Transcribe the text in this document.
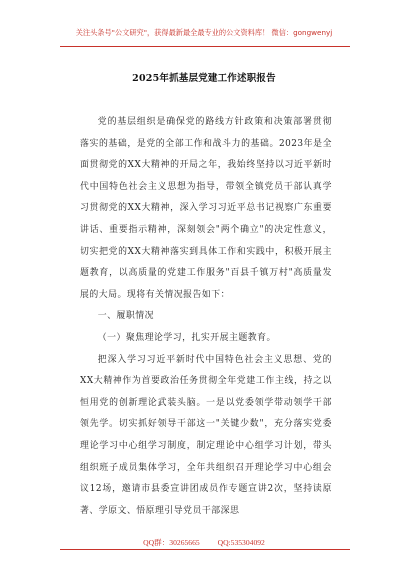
关注头条号"公文研究"，获得最新最全最专业的公文资料库！ 微信：gongwenyj
2025年抓基层党建工作述职报告

党的基层组织是确保党的路线方针政策和决策部署贯彻落实的基础，是党的全部工作和战斗力的基础。2023年是全面贯彻党的XX大精神的开局之年，我始终坚持以习近平新时代中国特色社会主义思想为指导，带领全镇党员干部认真学习贯彻党的XX大精神，深入学习习近平总书记视察广东重要讲话、重要指示精神，深刻领会"两个确立"的决定性意义，切实把党的XX大精神落实到具体工作和实践中，积极开展主题教育，以高质量的党建工作服务"百县千镇万村"高质量发展的大局。现将有关情况报告如下：

一、履职情况

（一）聚焦理论学习，扎实开展主题教育。

把深入学习习近平新时代中国特色社会主义思想、党的XX大精神作为首要政治任务贯彻全年党建工作主线，持之以恒用党的创新理论武装头脑。一是以党委领学带动领学干部领先学。切实抓好领导干部这一"关键少数"，充分落实党委理论学习中心组学习制度，制定理论中心组学习计划，带头组织班子成员集体学习，全年共组织召开理论学习中心组会议12场，邀请市县委宣讲团成员作专题宣讲2次，坚持读原著、学原文、悟原理引导党员干部深思

QQ群：30265665 QQ:535304092
